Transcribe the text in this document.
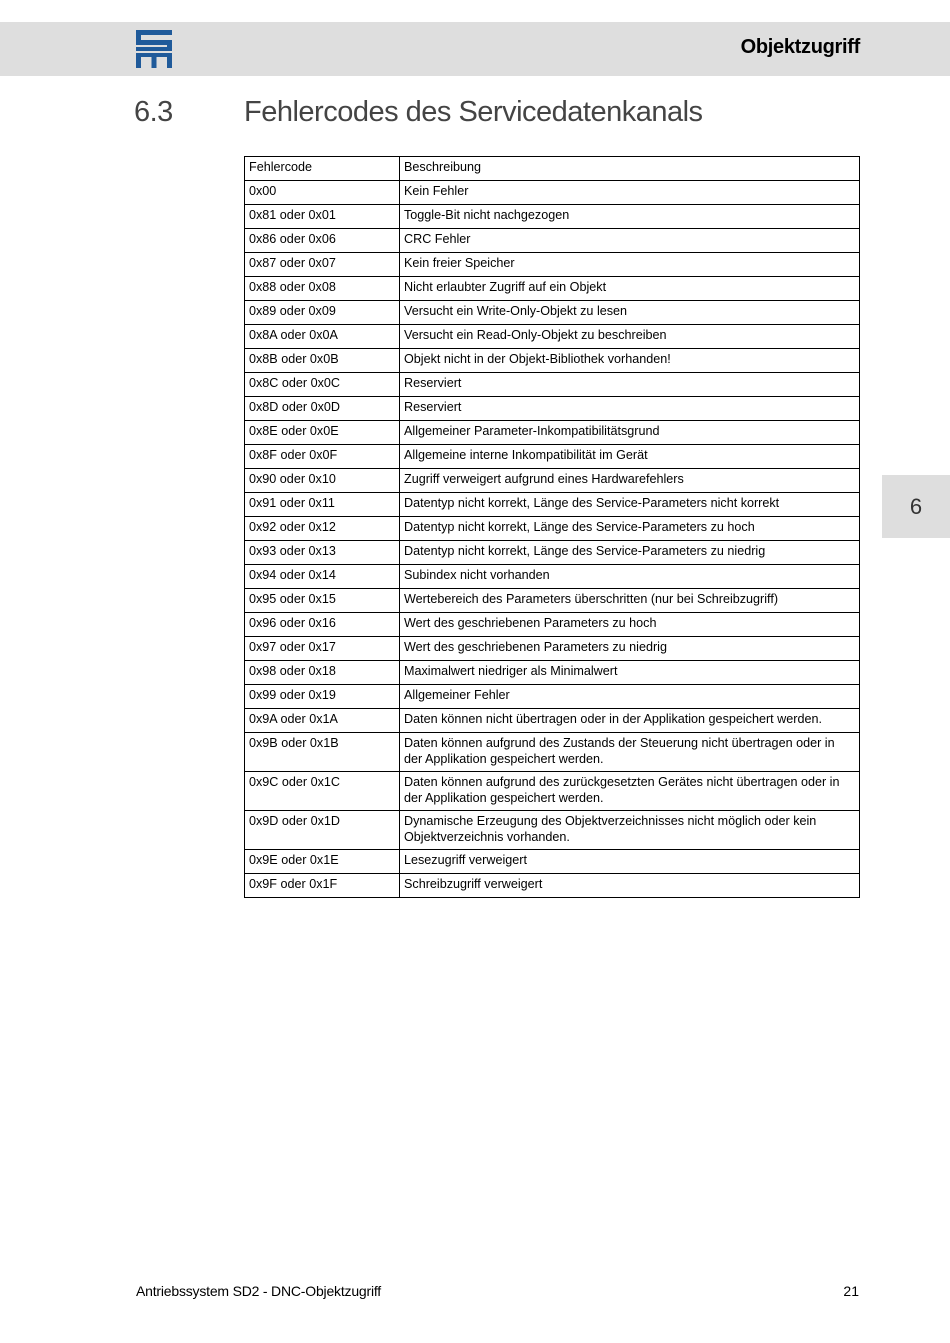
Objektzugriff
6.3 Fehlercodes des Servicedatenkanals
Fehlercode	Beschreibung
0x00	Kein Fehler
0x81 oder 0x01	Toggle-Bit nicht nachgezogen
0x86 oder 0x06	CRC Fehler
0x87 oder 0x07	Kein freier Speicher
0x88 oder 0x08	Nicht erlaubter Zugriff auf ein Objekt
0x89 oder 0x09	Versucht ein Write-Only-Objekt zu lesen
0x8A oder 0x0A	Versucht ein Read-Only-Objekt zu beschreiben
0x8B oder 0x0B	Objekt nicht in der Objekt-Bibliothek vorhanden!
0x8C oder 0x0C	Reserviert
0x8D oder 0x0D	Reserviert
0x8E oder 0x0E	Allgemeiner Parameter-Inkompatibilitätsgrund
0x8F oder 0x0F	Allgemeine interne Inkompatibilität im Gerät
0x90 oder 0x10	Zugriff verweigert aufgrund eines Hardwarefehlers
0x91 oder 0x11	Datentyp nicht korrekt, Länge des Service-Parameters nicht korrekt
0x92 oder 0x12	Datentyp nicht korrekt, Länge des Service-Parameters zu hoch
0x93 oder 0x13	Datentyp nicht korrekt, Länge des Service-Parameters zu niedrig
0x94 oder 0x14	Subindex nicht vorhanden
0x95 oder 0x15	Wertebereich des Parameters überschritten (nur bei Schreibzugriff)
0x96 oder 0x16	Wert des geschriebenen Parameters zu hoch
0x97 oder 0x17	Wert des geschriebenen Parameters zu niedrig
0x98 oder 0x18	Maximalwert niedriger als Minimalwert
0x99 oder 0x19	Allgemeiner Fehler
0x9A oder 0x1A	Daten können nicht übertragen oder in der Applikation gespeichert werden.
0x9B oder 0x1B	Daten können aufgrund des Zustands der Steuerung nicht übertragen oder in der Applikation gespeichert werden.
0x9C oder 0x1C	Daten können aufgrund des zurückgesetzten Gerätes nicht übertragen oder in der Applikation gespeichert werden.
0x9D oder 0x1D	Dynamische Erzeugung des Objektverzeichnisses nicht möglich oder kein Objektverzeichnis vorhanden.
0x9E oder 0x1E	Lesezugriff verweigert
0x9F oder 0x1F	Schreibzugriff verweigert
6
Antriebssystem SD2 - DNC-Objektzugriff	21
